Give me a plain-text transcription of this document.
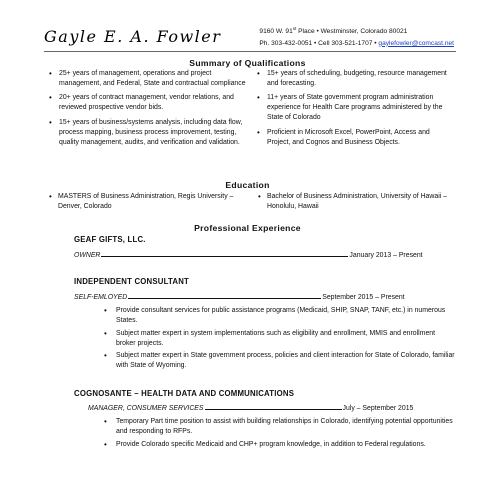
Gayle E. A. Fowler	9160 W. 91st Place • Westminster, Colorado 80021
Ph. 303-432-0051 • Cell 303-521-1707 • gaylefowler@comcast.net
Summary of Qualifications
• 25+ years of management, operations and project management, and Federal, State and contractual compliance
• 20+ years of contract management, vendor relations, and reviewed prospective vendor bids.
• 15+ years of business/systems analysis, including data flow, process mapping, business process improvement, testing, quality management, audits, and verification and validation.
• 15+ years of scheduling, budgeting, resource management and forecasting.
• 11+ years of State government program administration experience for Health Care programs administered by the State of Colorado
• Proficient in Microsoft Excel, PowerPoint, Access and Project, and Cognos and Business Objects.
Education
• MASTERS of Business Administration, Regis University – Denver, Colorado
• Bachelor of Business Administration, University of Hawaii – Honolulu, Hawaii
Professional Experience
GEAF GIFTS, LLC.
OWNER	January 2013 – Present
INDEPENDENT CONSULTANT
SELF-EMLOYED	September 2015 – Present
• Provide consultant services for public assistance programs (Medicaid, SHIP, SNAP, TANF, etc.) in numerous States.
• Subject matter expert in system implementations such as eligibility and enrollment, MMIS and enrollment broker projects.
• Subject matter expert in State government process, policies and client interaction for State of Colorado, familiar with State of Wyoming.
COGNOSANTE – HEALTH DATA AND COMMUNICATIONS
MANAGER, CONSUMER SERVICES	July – September 2015
• Temporary Part time position to assist with building relationships in Colorado, identifying potential opportunities and responding to RFPs.
• Provide Colorado specific Medicaid and CHP+ program knowledge, in addition to Federal regulations.
